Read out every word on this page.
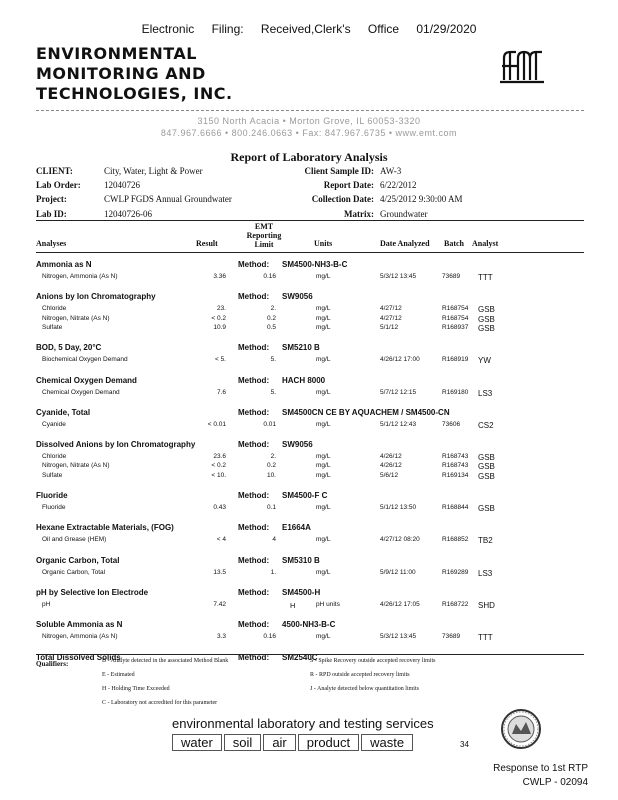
Electronic Filing: Received,Clerk's Office 01/29/2020
ENVIRONMENTAL
MONITORING AND
TECHNOLOGIES, INC.
3150 North Acacia • Morton Grove, IL 60053-3320
847.967.6666 • 800.246.0663 • Fax: 847.967.6735 • www.emt.com
Report of Laboratory Analysis
CLIENT:	City, Water, Light & Power
Lab Order:	12040726
Project:	CWLP FGDS Annual Groundwater
Lab ID:	12040726-06
Client Sample ID: AW-3
Report Date: 6/22/2012
Collection Date: 4/25/2012 9:30:00 AM
Matrix: Groundwater
Analyses	Result
EMT
Reporting
Limit	Units	Date Analyzed Batch Analyst
Ammonia as N	Method: SM4500-NH3-B-C
Nitrogen, Ammonia (As N)	3.36	0.16	mg/L	5/3/12 13:45	73689 TTT
Anions by Ion Chromatography	Method: SW9056
Chloride	23.	2.	mg/L	4/27/12	R168754 GSB
Nitrogen, Nitrate (As N)	< 0.2	0.2	mg/L	4/27/12	R168754 GSB
Sulfate	10.9	0.5	mg/L	5/1/12	R168937 GSB
BOD, 5 Day, 20°C	Method: SM5210 B
Biochemical Oxygen Demand	< 5.	5.	mg/L	4/26/12 17:00	R168919 YW
Chemical Oxygen Demand	Method: HACH 8000
Chemical Oxygen Demand	7.6	5.	mg/L	5/7/12 12:15	R169180 LS3
Cyanide, Total	Method: SM4500CN CE BY AQUACHEM / SM4500-CN
Cyanide	< 0.01	0.01	mg/L	5/1/12 12:43	73606 CS2
Dissolved Anions by Ion Chromatography	Method: SW9056
Chloride	23.6	2.	mg/L	4/26/12	R168743 GSB
Nitrogen, Nitrate (As N)	< 0.2	0.2	mg/L	4/26/12	R168743 GSB
Sulfate	< 10.	10.	mg/L	5/6/12	R169134 GSB
Fluoride	Method: SM4500-F C
Fluoride	0.43	0.1	mg/L	5/1/12 13:50	R168844 GSB
Hexane Extractable Materials, (FOG)	Method: E1664A
Oil and Grease (HEM)	< 4	4	mg/L	4/27/12 08:20	R168852 TB2
Organic Carbon, Total	Method: SM5310 B
Organic Carbon, Total	13.5	1.	mg/L	5/9/12 11:00	R169289 LS3
pH by Selective Ion Electrode	Method: SM4500-H
pH	7.42	H	pH units	4/26/12 17:05	R168722 SHD
Soluble Ammonia as N	Method: 4500-NH3-B-C
Nitrogen, Ammonia (As N)	3.3	0.16	mg/L	5/3/12 13:45	73689 TTT
Total Dissolved Solids	Method: SM2540C
Qualifiers:	B - Analyte detected in the associated Method Blank
E - Estimated
H - Holding Time Exceeded
C - Laboratory not accredited for this parameter
S - Spike Recovery outside accepted recovery limits
R - RPD outside accepted recovery limits
J - Analyte detected below quantitation limits
environmental laboratory and testing services
water soil air product waste	34
Response to 1st RTP
CWLP - 02094
